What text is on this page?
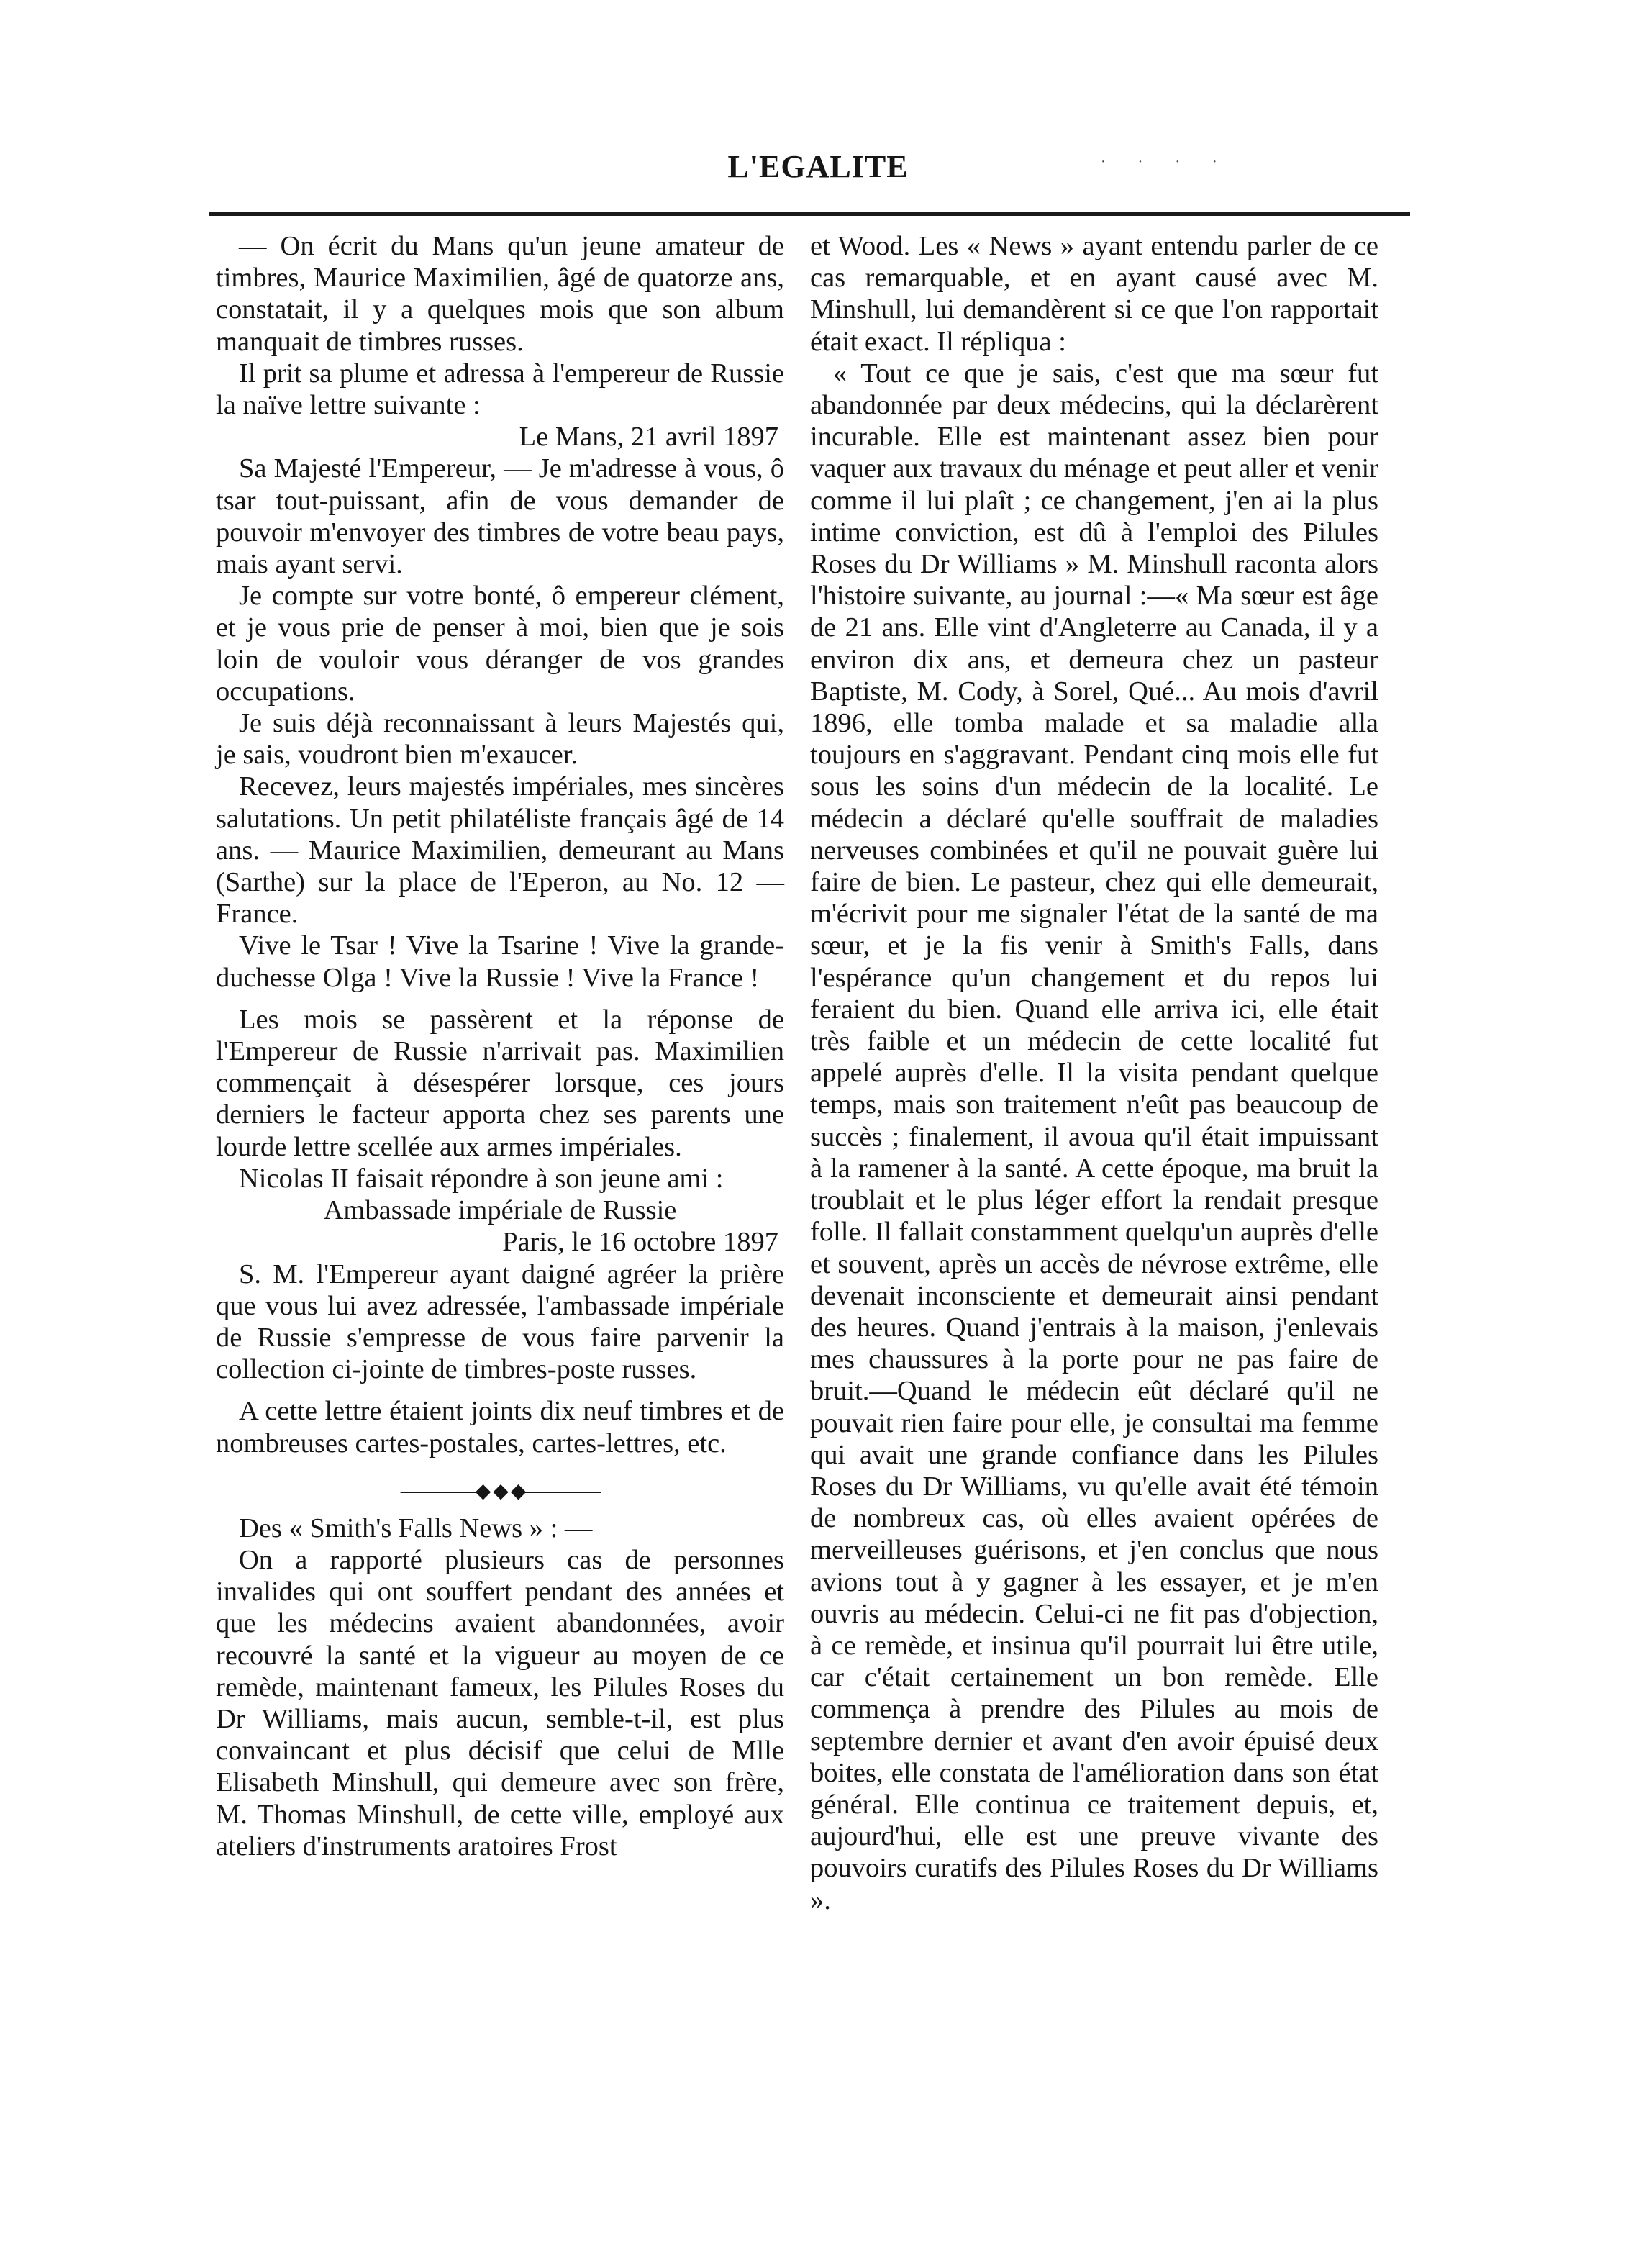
L'EGALITE	· · · ·

— On écrit du Mans qu'un jeune amateur de timbres, Maurice Maximilien, âgé de quatorze ans, constatait, il y a quelques mois que son album manquait de timbres russes.

Il prit sa plume et adressa à l'empereur de Russie la naïve lettre suivante :

Le Mans, 21 avril 1897

Sa Majesté l'Empereur, — Je m'adresse à vous, ô tsar tout-puissant, afin de vous demander de pouvoir m'envoyer des timbres de votre beau pays, mais ayant servi.

Je compte sur votre bonté, ô empereur clément, et je vous prie de penser à moi, bien que je sois loin de vouloir vous déranger de vos grandes occupations.

Je suis déjà reconnaissant à leurs Majestés qui, je sais, voudront bien m'exaucer.

Recevez, leurs majestés impériales, mes sincères salutations. Un petit philatéliste français âgé de 14 ans. — Maurice Maximilien, demeurant au Mans (Sarthe) sur la place de l'Eperon, au No. 12 — France.

Vive le Tsar ! Vive la Tsarine ! Vive la grande-duchesse Olga ! Vive la Russie ! Vive la France !

Les mois se passèrent et la réponse de l'Empereur de Russie n'arrivait pas. Maximilien commençait à désespérer lorsque, ces jours derniers le facteur apporta chez ses parents une lourde lettre scellée aux armes impériales.

Nicolas II faisait répondre à son jeune ami :

Ambassade impériale de Russie

Paris, le 16 octobre 1897

S. M. l'Empereur ayant daigné agréer la prière que vous lui avez adressée, l'ambassade impériale de Russie s'empresse de vous faire parvenir la collection ci-jointe de timbres-poste russes.

A cette lettre étaient joints dix neuf timbres et de nombreuses cartes-postales, cartes-lettres, etc.

————◆ ◆ ◆————

Des « Smith's Falls News » : —

On a rapporté plusieurs cas de personnes invalides qui ont souffert pendant des années et que les médecins avaient abandonnées, avoir recouvré la santé et la vigueur au moyen de ce remède, maintenant fameux, les Pilules Roses du Dr Williams, mais aucun, semble-t-il, est plus convaincant et plus décisif que celui de Mlle Elisabeth Minshull, qui demeure avec son frère, M. Thomas Minshull, de cette ville, employé aux ateliers d'instruments aratoires Frost

et Wood. Les « News » ayant entendu parler de ce cas remarquable, et en ayant causé avec M. Minshull, lui demandèrent si ce que l'on rapportait était exact. Il répliqua :

« Tout ce que je sais, c'est que ma sœur fut abandonnée par deux médecins, qui la déclarèrent incurable. Elle est maintenant assez bien pour vaquer aux travaux du ménage et peut aller et venir comme il lui plaît ; ce changement, j'en ai la plus intime conviction, est dû à l'emploi des Pilules Roses du Dr Williams » M. Minshull raconta alors l'histoire suivante, au journal :—« Ma sœur est âge de 21 ans. Elle vint d'Angleterre au Canada, il y a environ dix ans, et demeura chez un pasteur Baptiste, M. Cody, à Sorel, Qué... Au mois d'avril 1896, elle tomba malade et sa maladie alla toujours en s'aggravant. Pendant cinq mois elle fut sous les soins d'un médecin de la localité. Le médecin a déclaré qu'elle souffrait de maladies nerveuses combinées et qu'il ne pouvait guère lui faire de bien. Le pasteur, chez qui elle demeurait, m'écrivit pour me signaler l'état de la santé de ma sœur, et je la fis venir à Smith's Falls, dans l'espérance qu'un changement et du repos lui feraient du bien. Quand elle arriva ici, elle était très faible et un médecin de cette localité fut appelé auprès d'elle. Il la visita pendant quelque temps, mais son traitement n'eût pas beaucoup de succès ; finalement, il avoua qu'il était impuissant à la ramener à la santé. A cette époque, ma bruit la troublait et le plus léger effort la rendait presque folle. Il fallait constamment quelqu'un auprès d'elle et souvent, après un accès de névrose extrême, elle devenait inconsciente et demeurait ainsi pendant des heures. Quand j'entrais à la maison, j'enlevais mes chaussures à la porte pour ne pas faire de bruit.—Quand le médecin eût déclaré qu'il ne pouvait rien faire pour elle, je consultai ma femme qui avait une grande confiance dans les Pilules Roses du Dr Williams, vu qu'elle avait été témoin de nombreux cas, où elles avaient opérées de merveilleuses guérisons, et j'en conclus que nous avions tout à y gagner à les essayer, et je m'en ouvris au médecin. Celui-ci ne fit pas d'objection, à ce remède, et insinua qu'il pourrait lui être utile, car c'était certainement un bon remède. Elle commença à prendre des Pilules au mois de septembre dernier et avant d'en avoir épuisé deux boites, elle constata de l'amélioration dans son état général. Elle continua ce traitement depuis, et, aujourd'hui, elle est une preuve vivante des pouvoirs curatifs des Pilules Roses du Dr Williams ».
